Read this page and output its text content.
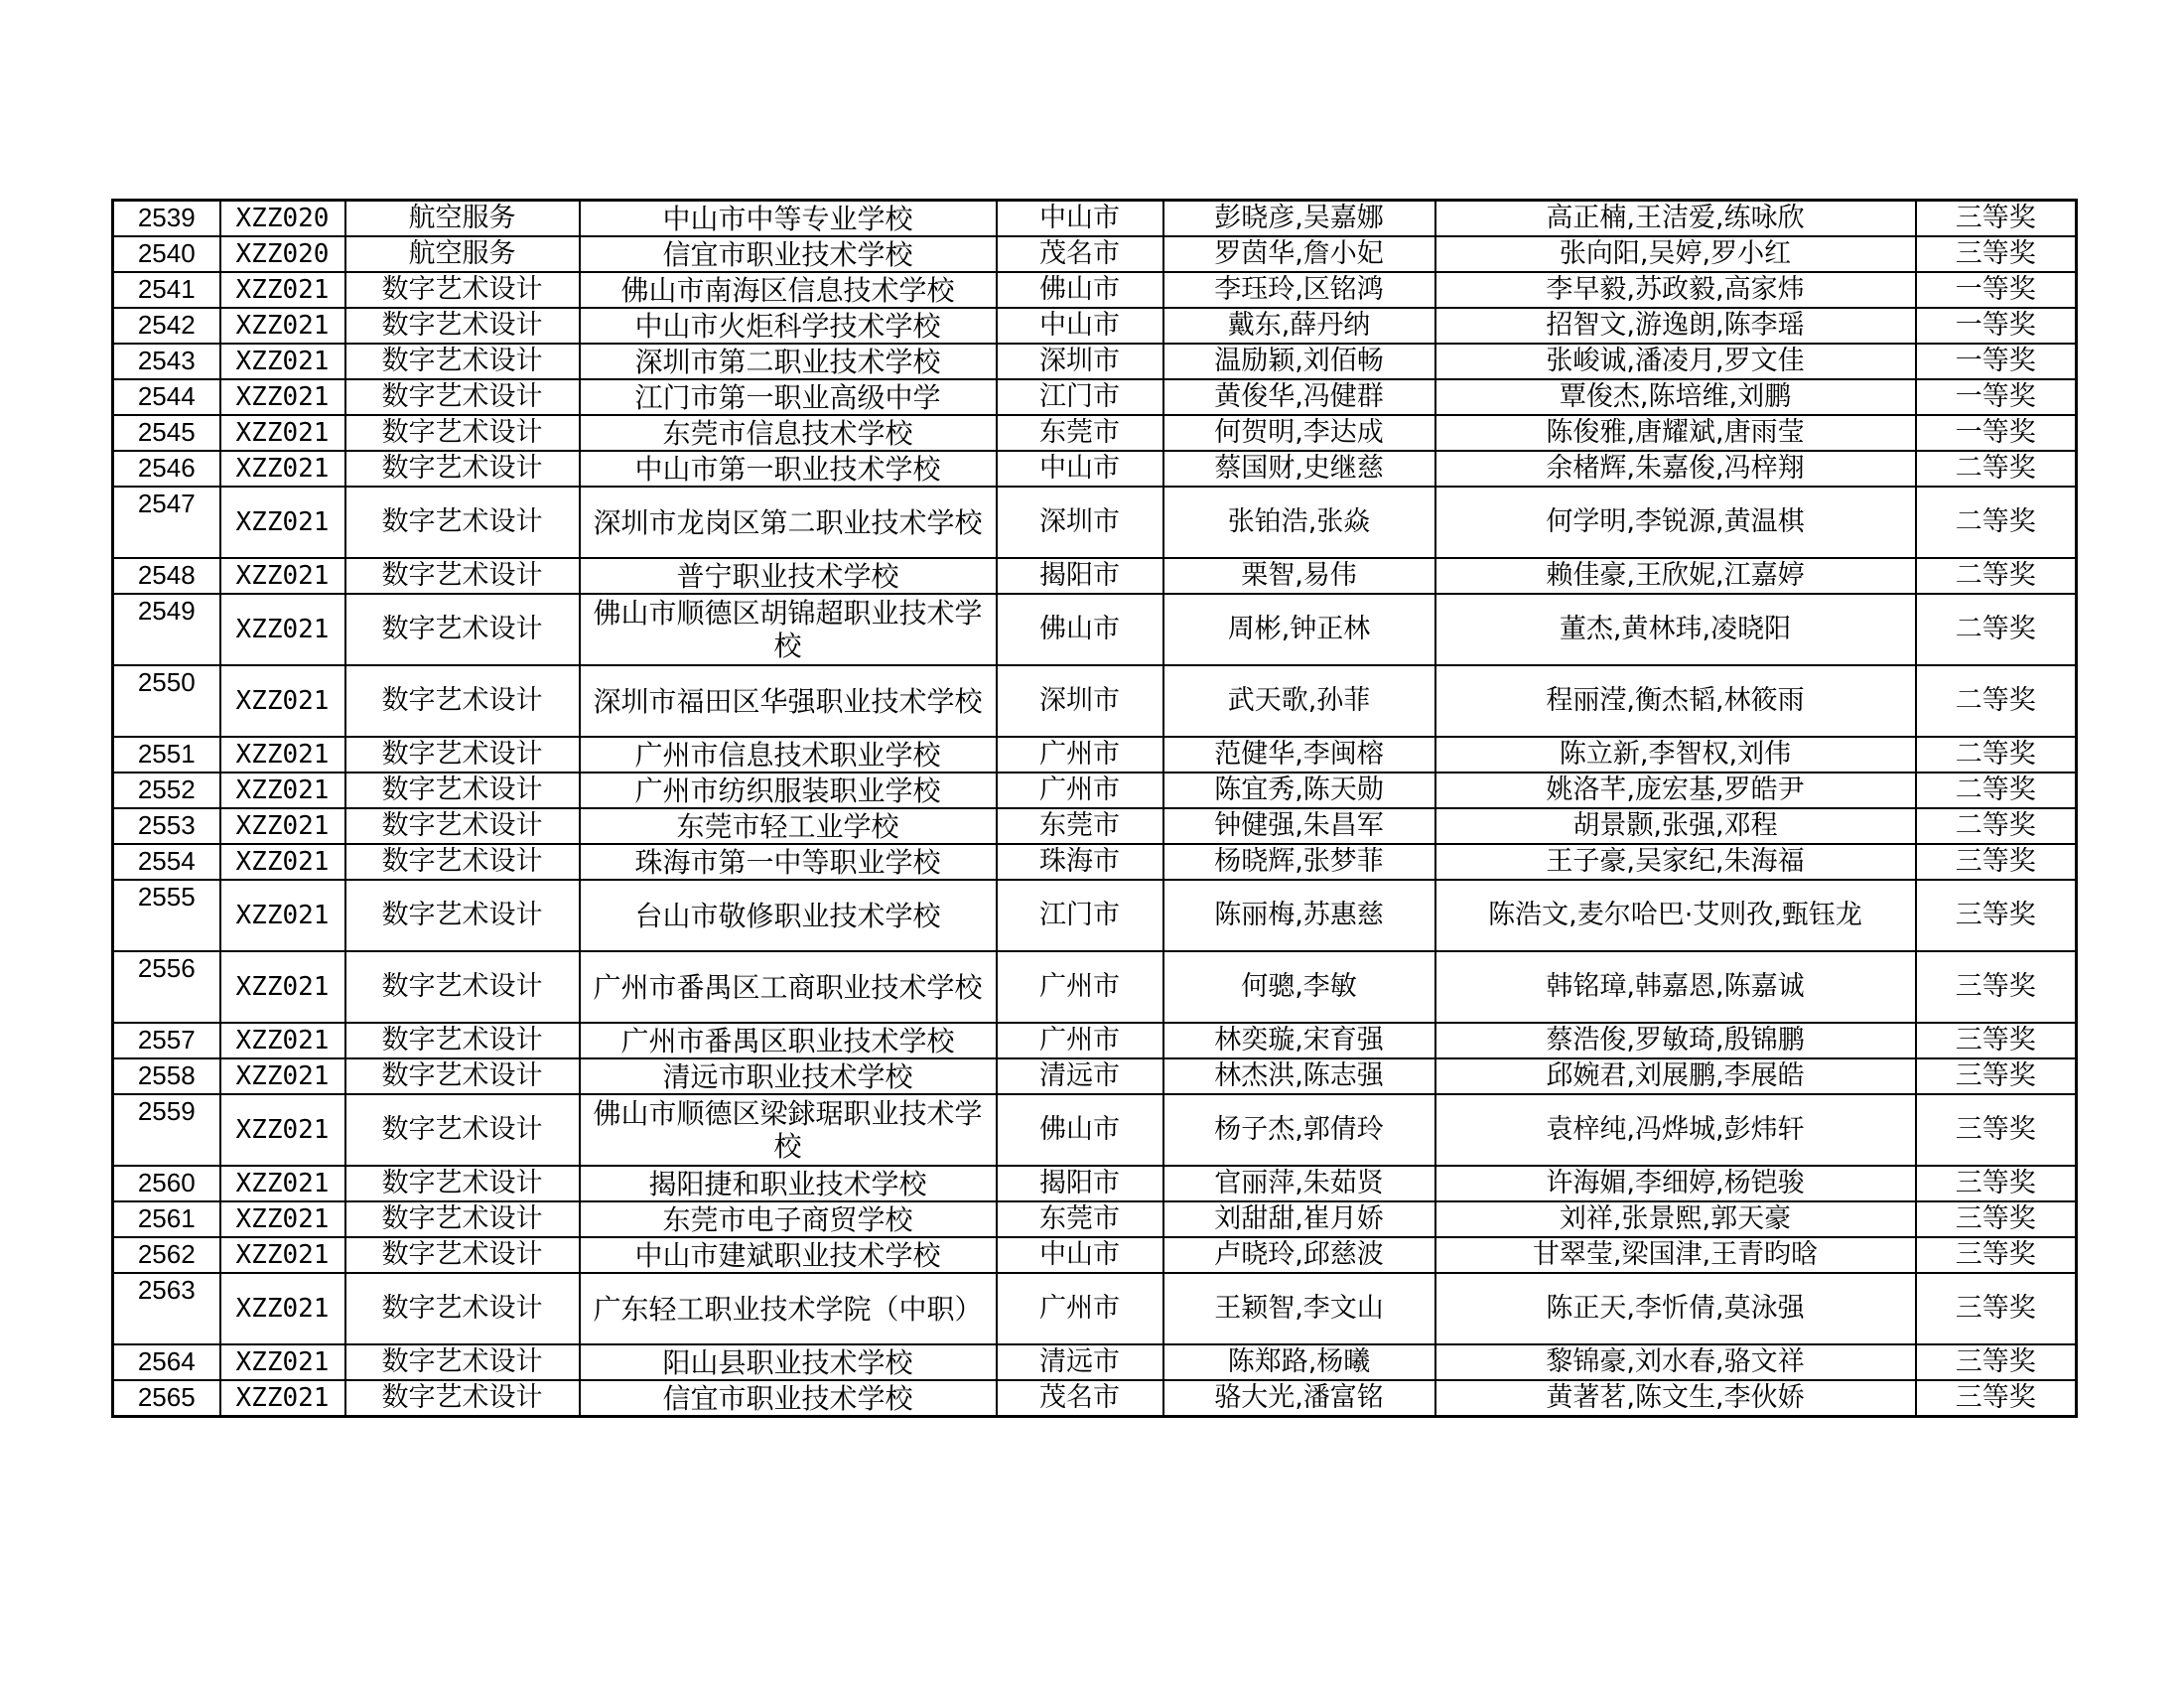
2539	XZZ020	航空服务	中山市中等专业学校	中山市	彭晓彦,吴嘉娜	高正楠,王洁爱,练咏欣	三等奖
2540	XZZ020	航空服务	信宜市职业技术学校	茂名市	罗茵华,詹小妃	张向阳,吴婷,罗小红	三等奖
2541	XZZ021	数字艺术设计	佛山市南海区信息技术学校	佛山市	李珏玲,区铭鸿	李早毅,苏政毅,高家炜	一等奖
2542	XZZ021	数字艺术设计	中山市火炬科学技术学校	中山市	戴东,薛丹纳	招智文,游逸朗,陈李瑶	一等奖
2543	XZZ021	数字艺术设计	深圳市第二职业技术学校	深圳市	温励颖,刘佰畅	张峻诚,潘凌月,罗文佳	一等奖
2544	XZZ021	数字艺术设计	江门市第一职业高级中学	江门市	黄俊华,冯健群	覃俊杰,陈培维,刘鹏	一等奖
2545	XZZ021	数字艺术设计	东莞市信息技术学校	东莞市	何贺明,李达成	陈俊雅,唐耀斌,唐雨莹	一等奖
2546	XZZ021	数字艺术设计	中山市第一职业技术学校	中山市	蔡国财,史继慈	余楮辉,朱嘉俊,冯梓翔	二等奖
2547	XZZ021	数字艺术设计	深圳市龙岗区第二职业技术学校	深圳市	张铂浩,张焱	何学明,李锐源,黄温棋	二等奖
2548	XZZ021	数字艺术设计	普宁职业技术学校	揭阳市	栗智,易伟	赖佳豪,王欣妮,江嘉婷	二等奖
2549	XZZ021	数字艺术设计	佛山市顺德区胡锦超职业技术学校	佛山市	周彬,钟正林	董杰,黄林玮,凌晓阳	二等奖
2550	XZZ021	数字艺术设计	深圳市福田区华强职业技术学校	深圳市	武天歌,孙菲	程丽滢,衡杰韬,林筱雨	二等奖
2551	XZZ021	数字艺术设计	广州市信息技术职业学校	广州市	范健华,李闽榕	陈立新,李智权,刘伟	二等奖
2552	XZZ021	数字艺术设计	广州市纺织服装职业学校	广州市	陈宜秀,陈天勋	姚洛芊,庞宏基,罗皓尹	二等奖
2553	XZZ021	数字艺术设计	东莞市轻工业学校	东莞市	钟健强,朱昌军	胡景颢,张强,邓程	二等奖
2554	XZZ021	数字艺术设计	珠海市第一中等职业学校	珠海市	杨晓辉,张梦菲	王子豪,吴家纪,朱海福	三等奖
2555	XZZ021	数字艺术设计	台山市敬修职业技术学校	江门市	陈丽梅,苏惠慈	陈浩文,麦尔哈巴·艾则孜,甄钰龙	三等奖
2556	XZZ021	数字艺术设计	广州市番禺区工商职业技术学校	广州市	何骢,李敏	韩铭璋,韩嘉恩,陈嘉诚	三等奖
2557	XZZ021	数字艺术设计	广州市番禺区职业技术学校	广州市	林奕璇,宋育强	蔡浩俊,罗敏琦,殷锦鹏	三等奖
2558	XZZ021	数字艺术设计	清远市职业技术学校	清远市	林杰洪,陈志强	邱婉君,刘展鹏,李展皓	三等奖
2559	XZZ021	数字艺术设计	佛山市顺德区梁銶琚职业技术学校	佛山市	杨子杰,郭倩玲	袁梓纯,冯烨城,彭炜轩	三等奖
2560	XZZ021	数字艺术设计	揭阳捷和职业技术学校	揭阳市	官丽萍,朱茹贤	许海媚,李细婷,杨铠骏	三等奖
2561	XZZ021	数字艺术设计	东莞市电子商贸学校	东莞市	刘甜甜,崔月娇	刘祥,张景熙,郭天豪	三等奖
2562	XZZ021	数字艺术设计	中山市建斌职业技术学校	中山市	卢晓玲,邱慈波	甘翠莹,梁国津,王青昀晗	三等奖
2563	XZZ021	数字艺术设计	广东轻工职业技术学院（中职）	广州市	王颖智,李文山	陈正天,李忻倩,莫泳强	三等奖
2564	XZZ021	数字艺术设计	阳山县职业技术学校	清远市	陈郑路,杨曦	黎锦豪,刘水春,骆文祥	三等奖
2565	XZZ021	数字艺术设计	信宜市职业技术学校	茂名市	骆大光,潘富铭	黄著茗,陈文生,李伙娇	三等奖
